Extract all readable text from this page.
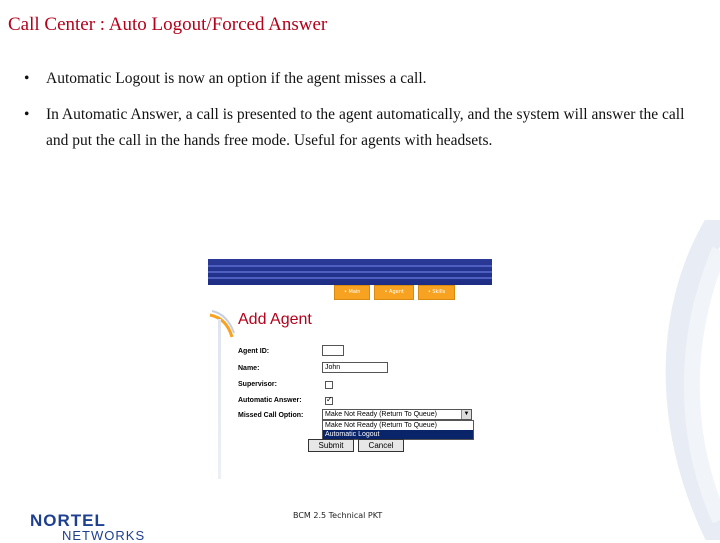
Call Center : Auto Logout/Forced Answer
• Automatic Logout is now an option if the agent misses a call.
• In Automatic Answer, a call is presented to the agent automatically, and the system will answer the call and put the call in the hands free mode. Useful for agents with headsets.
• Main	• Agent	• Skills
Add Agent
Agent ID:
Name:	John
Supervisor:
Automatic Answer:	✓
Missed Call Option:	Make Not Ready (Return To Queue)	▼
Make Not Ready (Return To Queue)
Automatic Logout
Submit	Cancel
BCM 2.5 Technical PKT
NORTEL
NETWORKS
